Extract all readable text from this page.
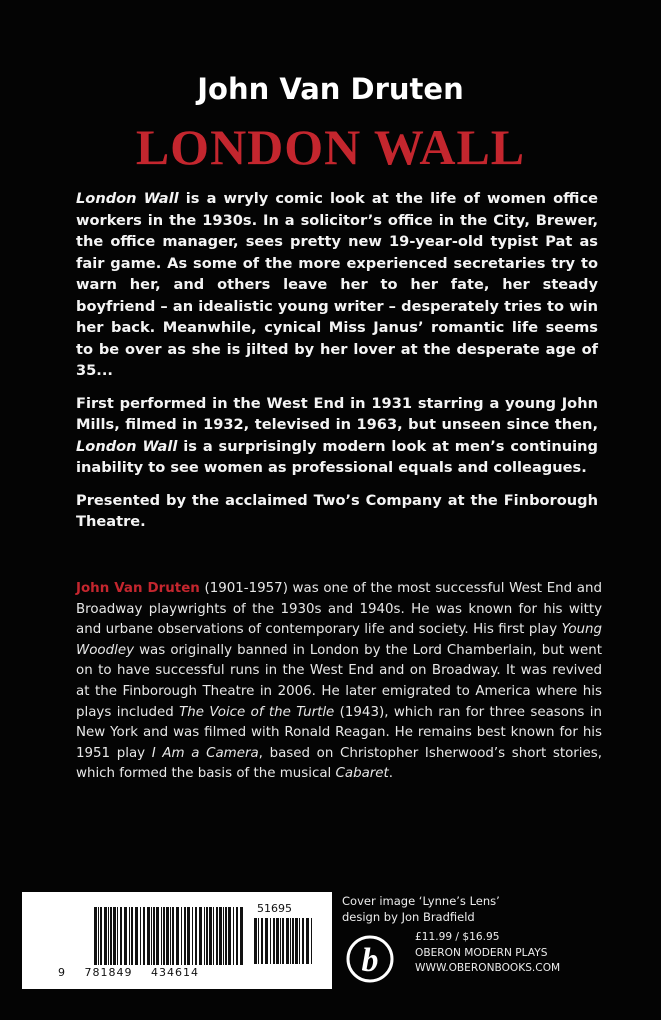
John Van Druten
LONDON WALL

London Wall is a wryly comic look at the life of women office workers in the 1930s. In a solicitor’s office in the City, Brewer, the office manager, sees pretty new 19-year-old typist Pat as fair game. As some of the more experienced secretaries try to warn her, and others leave her to her fate, her steady boyfriend – an idealistic young writer – desperately tries to win her back. Meanwhile, cynical Miss Janus’ romantic life seems to be over as she is jilted by her lover at the desperate age of 35...

First performed in the West End in 1931 starring a young John Mills, filmed in 1932, televised in 1963, but unseen since then, London Wall is a surprisingly modern look at men’s continuing inability to see women as professional equals and colleagues.

Presented by the acclaimed Two’s Company at the Finborough Theatre.

John Van Druten (1901-1957) was one of the most successful West End and Broadway playwrights of the 1930s and 1940s. He was known for his witty and urbane observations of contemporary life and society. His first play Young Woodley was originally banned in London by the Lord Chamberlain, but went on to have successful runs in the West End and on Broadway. It was revived at the Finborough Theatre in 2006. He later emigrated to America where his plays included The Voice of the Turtle (1943), which ran for three seasons in New York and was filmed with Ronald Reagan. He remains best known for his 1951 play I Am a Camera, based on Christopher Isherwood’s short stories, which formed the basis of the musical Cabaret.

51695
9 781849 434614
Cover image ‘Lynne’s Lens’
design by Jon Bradfield
b
£11.99 / $16.95
OBERON MODERN PLAYS
WWW.OBERONBOOKS.COM
